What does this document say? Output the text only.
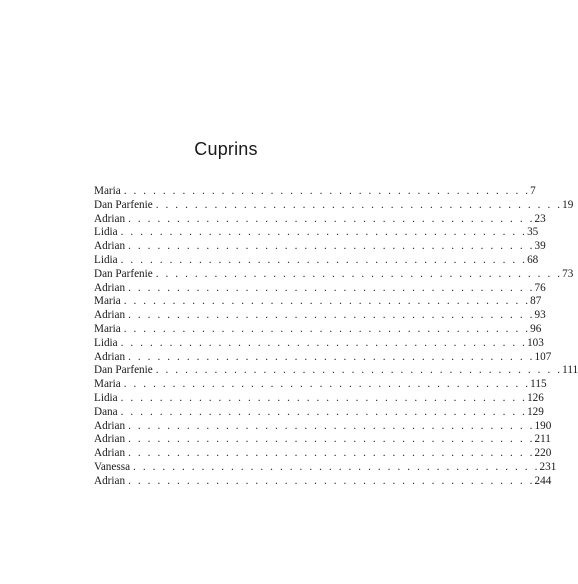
Cuprins
Maria . . . . . . . . . . . . . . . . . . . . . . . . . . . . . . . . . . . . . . . . . . 7
Dan Parfenie . . . . . . . . . . . . . . . . . . . . . . . . . . . . . . . . . . . . . . . . . . 19
Adrian . . . . . . . . . . . . . . . . . . . . . . . . . . . . . . . . . . . . . . . . . . 23
Lidia . . . . . . . . . . . . . . . . . . . . . . . . . . . . . . . . . . . . . . . . . . 35
Adrian . . . . . . . . . . . . . . . . . . . . . . . . . . . . . . . . . . . . . . . . . . 39
Lidia . . . . . . . . . . . . . . . . . . . . . . . . . . . . . . . . . . . . . . . . . . 68
Dan Parfenie . . . . . . . . . . . . . . . . . . . . . . . . . . . . . . . . . . . . . . . . . . 73
Adrian . . . . . . . . . . . . . . . . . . . . . . . . . . . . . . . . . . . . . . . . . . 76
Maria . . . . . . . . . . . . . . . . . . . . . . . . . . . . . . . . . . . . . . . . . . 87
Adrian . . . . . . . . . . . . . . . . . . . . . . . . . . . . . . . . . . . . . . . . . . 93
Maria . . . . . . . . . . . . . . . . . . . . . . . . . . . . . . . . . . . . . . . . . . 96
Lidia . . . . . . . . . . . . . . . . . . . . . . . . . . . . . . . . . . . . . . . . . . 103
Adrian . . . . . . . . . . . . . . . . . . . . . . . . . . . . . . . . . . . . . . . . . . 107
Dan Parfenie . . . . . . . . . . . . . . . . . . . . . . . . . . . . . . . . . . . . . . . . . . 111
Maria . . . . . . . . . . . . . . . . . . . . . . . . . . . . . . . . . . . . . . . . . . 115
Lidia . . . . . . . . . . . . . . . . . . . . . . . . . . . . . . . . . . . . . . . . . . 126
Dana . . . . . . . . . . . . . . . . . . . . . . . . . . . . . . . . . . . . . . . . . . 129
Adrian . . . . . . . . . . . . . . . . . . . . . . . . . . . . . . . . . . . . . . . . . . 190
Adrian . . . . . . . . . . . . . . . . . . . . . . . . . . . . . . . . . . . . . . . . . . 211
Adrian . . . . . . . . . . . . . . . . . . . . . . . . . . . . . . . . . . . . . . . . . . 220
Vanessa . . . . . . . . . . . . . . . . . . . . . . . . . . . . . . . . . . . . . . . . . . 231
Adrian . . . . . . . . . . . . . . . . . . . . . . . . . . . . . . . . . . . . . . . . . . 244
